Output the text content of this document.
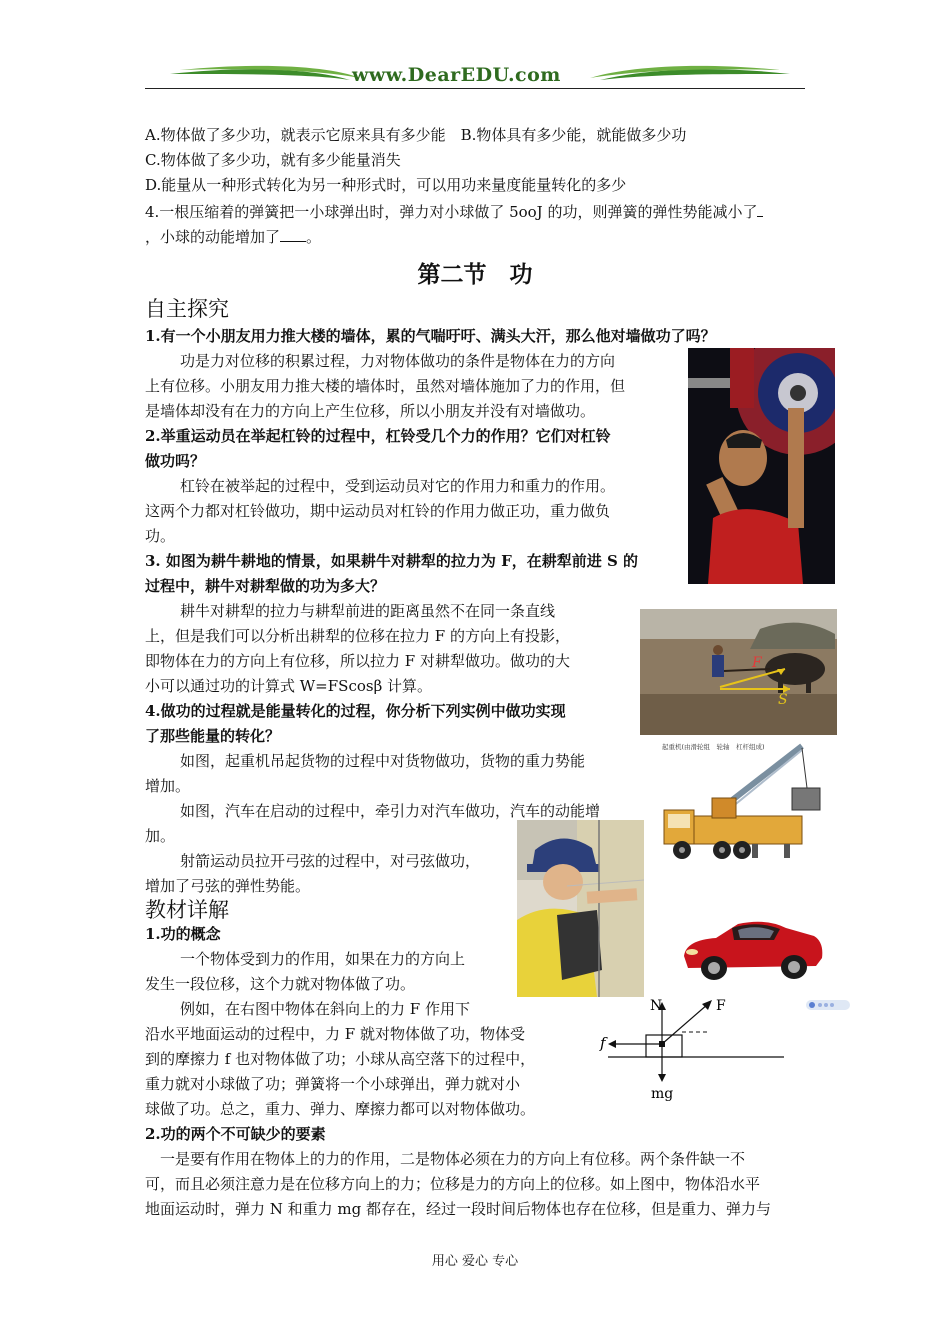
www.DearEDU.com
A.物体做了多少功，就表示它原来具有多少能　B.物体具有多少能，就能做多少功
C.物体做了多少功，就有多少能量消失
D.能量从一种形式转化为另一种形式时，可以用功来量度能量转化的多少
4.一根压缩着的弹簧把一小球弹出时，弹力对小球做了 5ooJ 的功，则弹簧的弹性势能减小了
，小球的动能增加了 。
第二节　功
自主探究
1.有一个小朋友用力推大楼的墙体，累的气喘吁吁、满头大汗，那么他对墙做功了吗？
功是力对位移的积累过程，力对物体做功的条件是物体在力的方向
上有位移。小朋友用力推大楼的墙体时，虽然对墙体施加了力的作用，但
是墙体却没有在力的方向上产生位移，所以小朋友并没有对墙做功。
2.举重运动员在举起杠铃的过程中，杠铃受几个力的作用？它们对杠铃
做功吗？
杠铃在被举起的过程中，受到运动员对它的作用力和重力的作用。
这两个力都对杠铃做功，期中运动员对杠铃的作用力做正功，重力做负
功。
3. 如图为耕牛耕地的情景，如果耕牛对耕犁的拉力为 F，在耕犁前进 S 的
过程中，耕牛对耕犁做的功为多大？
耕牛对耕犁的拉力与耕犁前进的距离虽然不在同一条直线
上，但是我们可以分析出耕犁的位移在拉力 F 的方向上有投影，
即物体在力的方向上有位移，所以拉力 F 对耕犁做功。做功的大
小可以通过功的计算式 W=FScosβ 计算。
4.做功的过程就是能量转化的过程，你分析下列实例中做功实现
了那些能量的转化？
如图，起重机吊起货物的过程中对货物做功，货物的重力势能
增加。
如图，汽车在启动的过程中，牵引力对汽车做功，汽车的动能增
加。
射箭运动员拉开弓弦的过程中，对弓弦做功，
增加了弓弦的弹性势能。
教材详解
1.功的概念
一个物体受到力的作用，如果在力的方向上
发生一段位移，这个力就对物体做了功。
例如，在右图中物体在斜向上的力 F 作用下
沿水平地面运动的过程中，力 F 就对物体做了功，物体受
到的摩擦力 f 也对物体做了功；小球从高空落下的过程中，
重力就对小球做了功；弹簧将一个小球弹出，弹力就对小
球做了功。总之，重力、弹力、摩擦力都可以对物体做功。
2.功的两个不可缺少的要素
一是要有作用在物体上的力的作用，二是物体必须在力的方向上有位移。两个条件缺一不
可，而且必须注意力是在位移方向上的力；位移是力的方向上的位移。如上图中，物体沿水平
地面运动时，弹力 N 和重力 mg 都存在，经过一段时间后物体也存在位移，但是重力、弹力与
F
S
起重机(由滑轮组　轮轴　杠杆组成)
N	F
f
mg
用心 爱心 专心
